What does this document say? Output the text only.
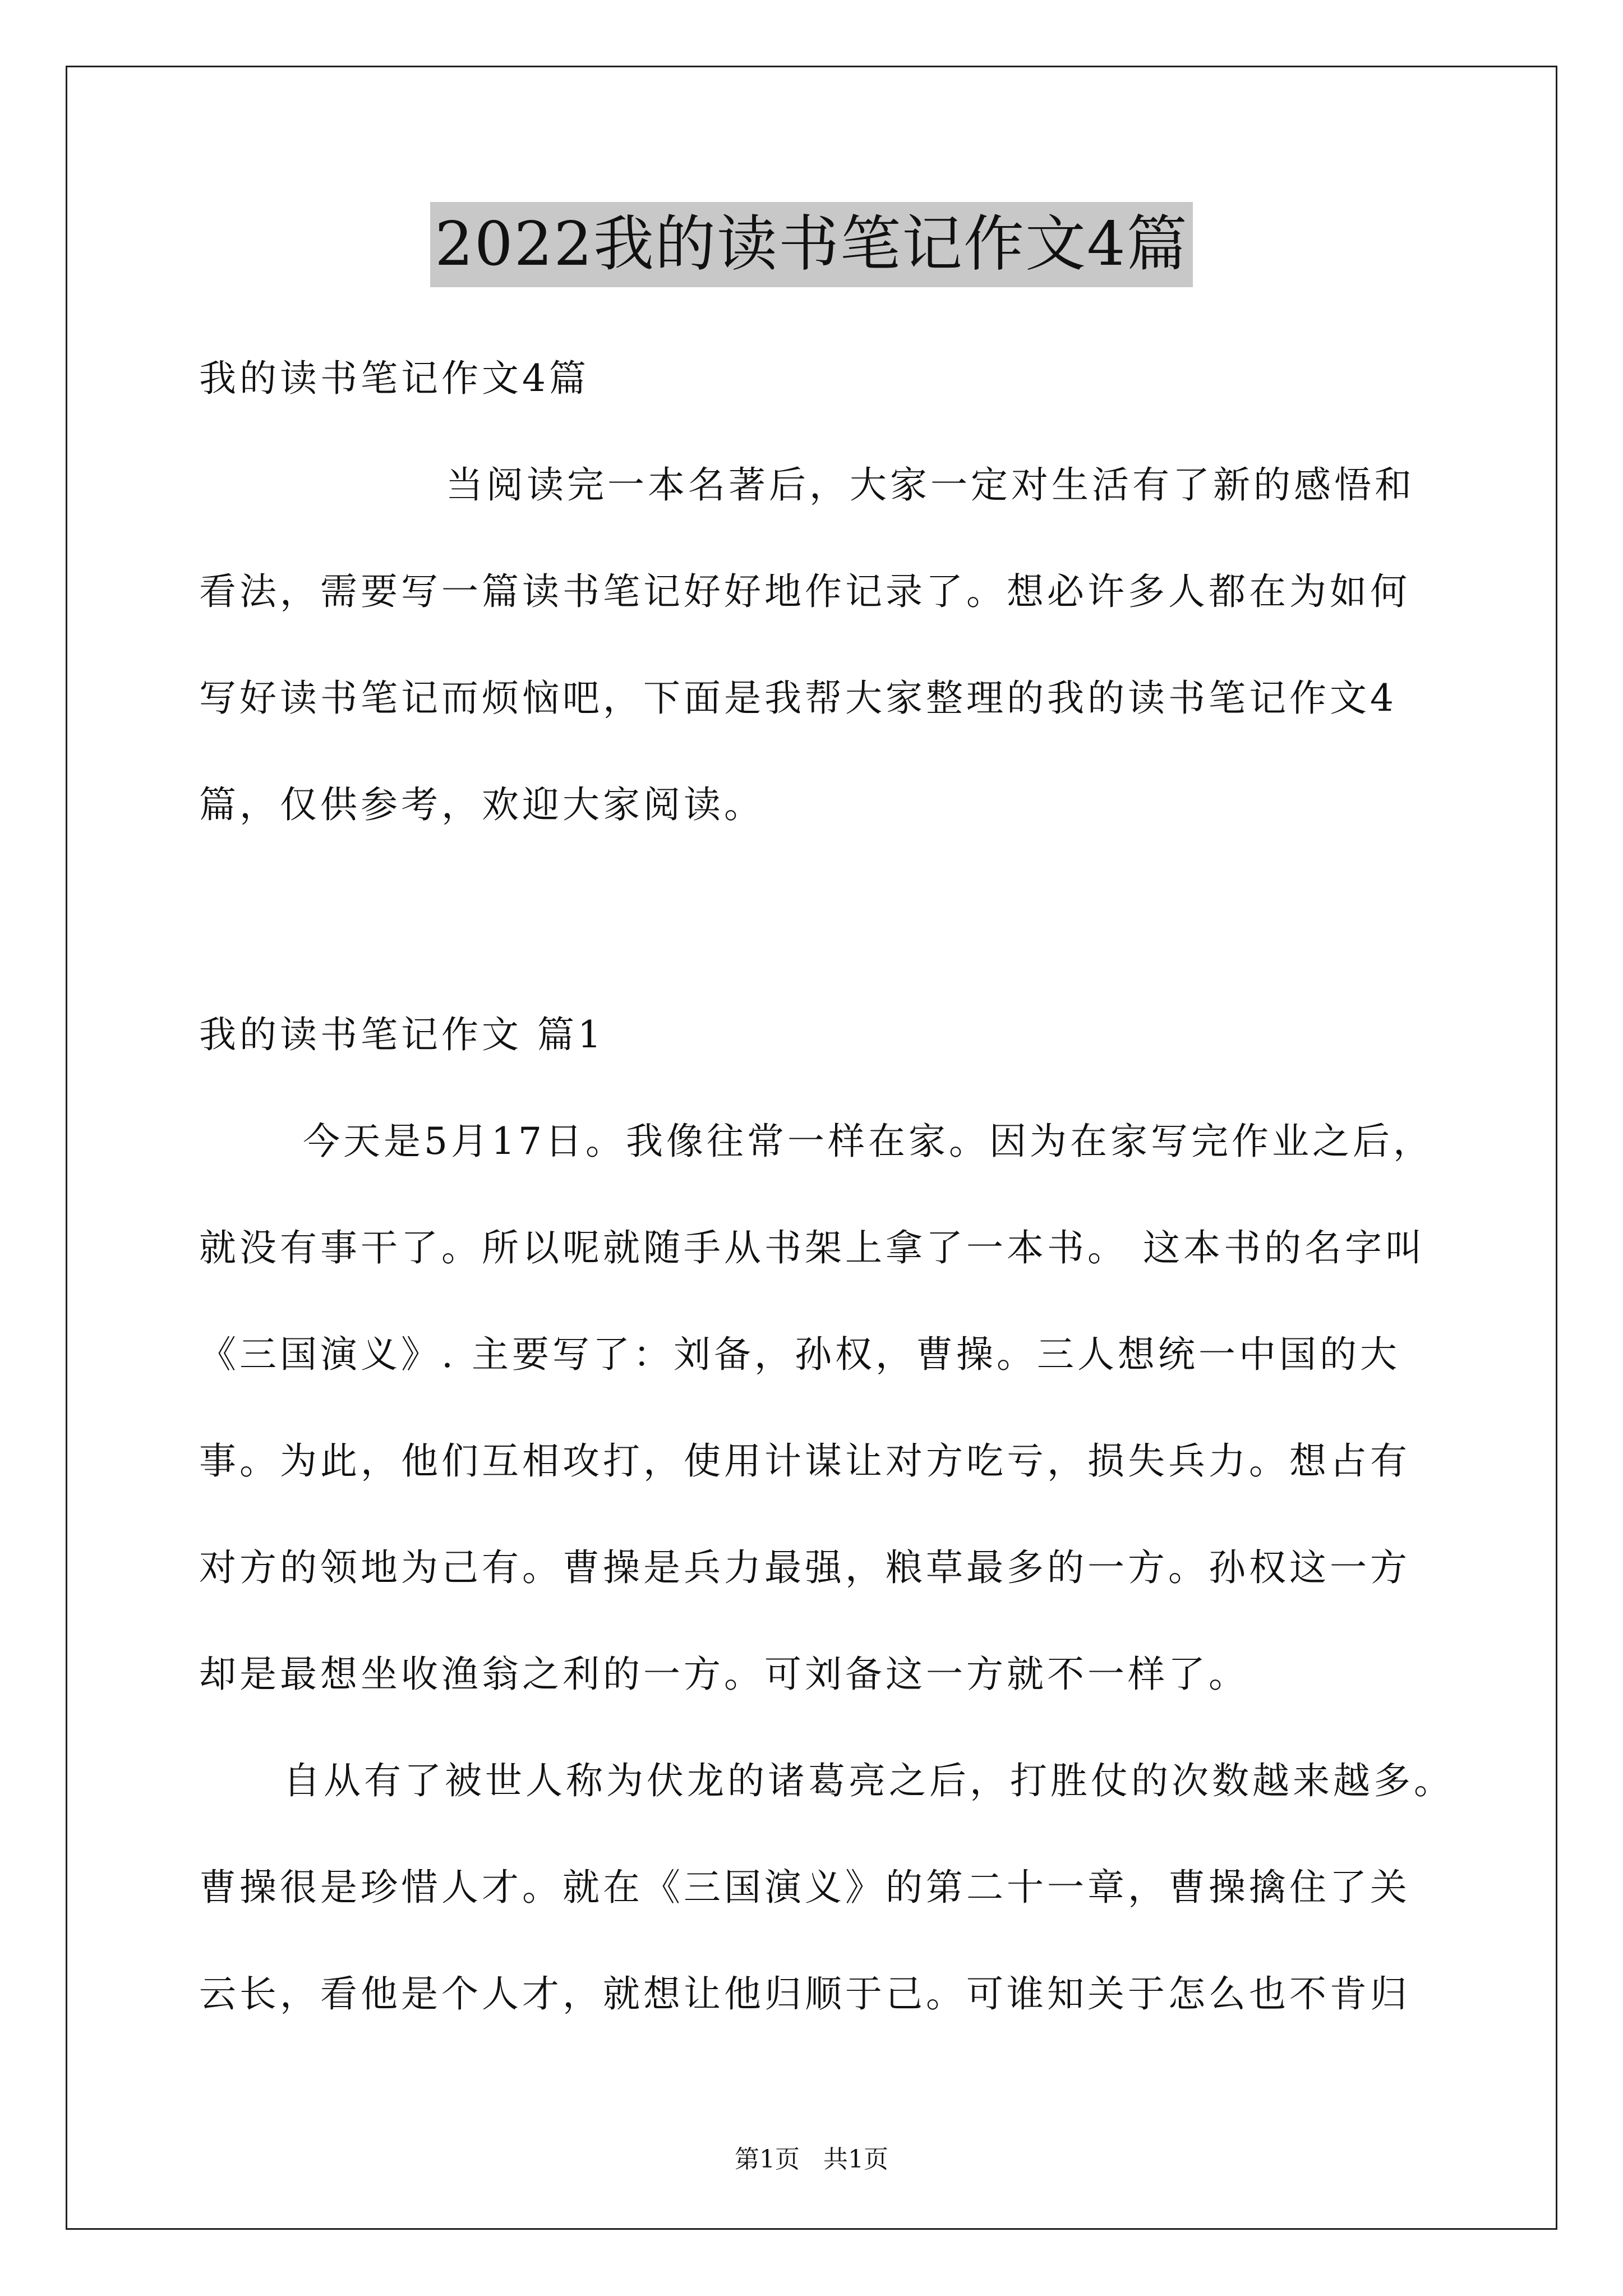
2022我的读书笔记作文4篇
我的读书笔记作文4篇
当阅读完一本名著后，大家一定对生活有了新的感悟和
看法，需要写一篇读书笔记好好地作记录了。想必许多人都在为如何
写好读书笔记而烦恼吧，下面是我帮大家整理的我的读书笔记作文4
篇，仅供参考，欢迎大家阅读。
我的读书笔记作文 篇1
今天是5月17日。我像往常一样在家。因为在家写完作业之后，
就没有事干了。所以呢就随手从书架上拿了一本书。 这本书的名字叫
《三国演义》. 主要写了：刘备，孙权，曹操。三人想统一中国的大
事。为此，他们互相攻打，使用计谋让对方吃亏，损失兵力。想占有
对方的领地为己有。曹操是兵力最强，粮草最多的一方。孙权这一方
却是最想坐收渔翁之利的一方。可刘备这一方就不一样了。
自从有了被世人称为伏龙的诸葛亮之后，打胜仗的次数越来越多。
曹操很是珍惜人才。就在《三国演义》的第二十一章，曹操擒住了关
云长，看他是个人才，就想让他归顺于己。可谁知关于怎么也不肯归
第1页 共1页
